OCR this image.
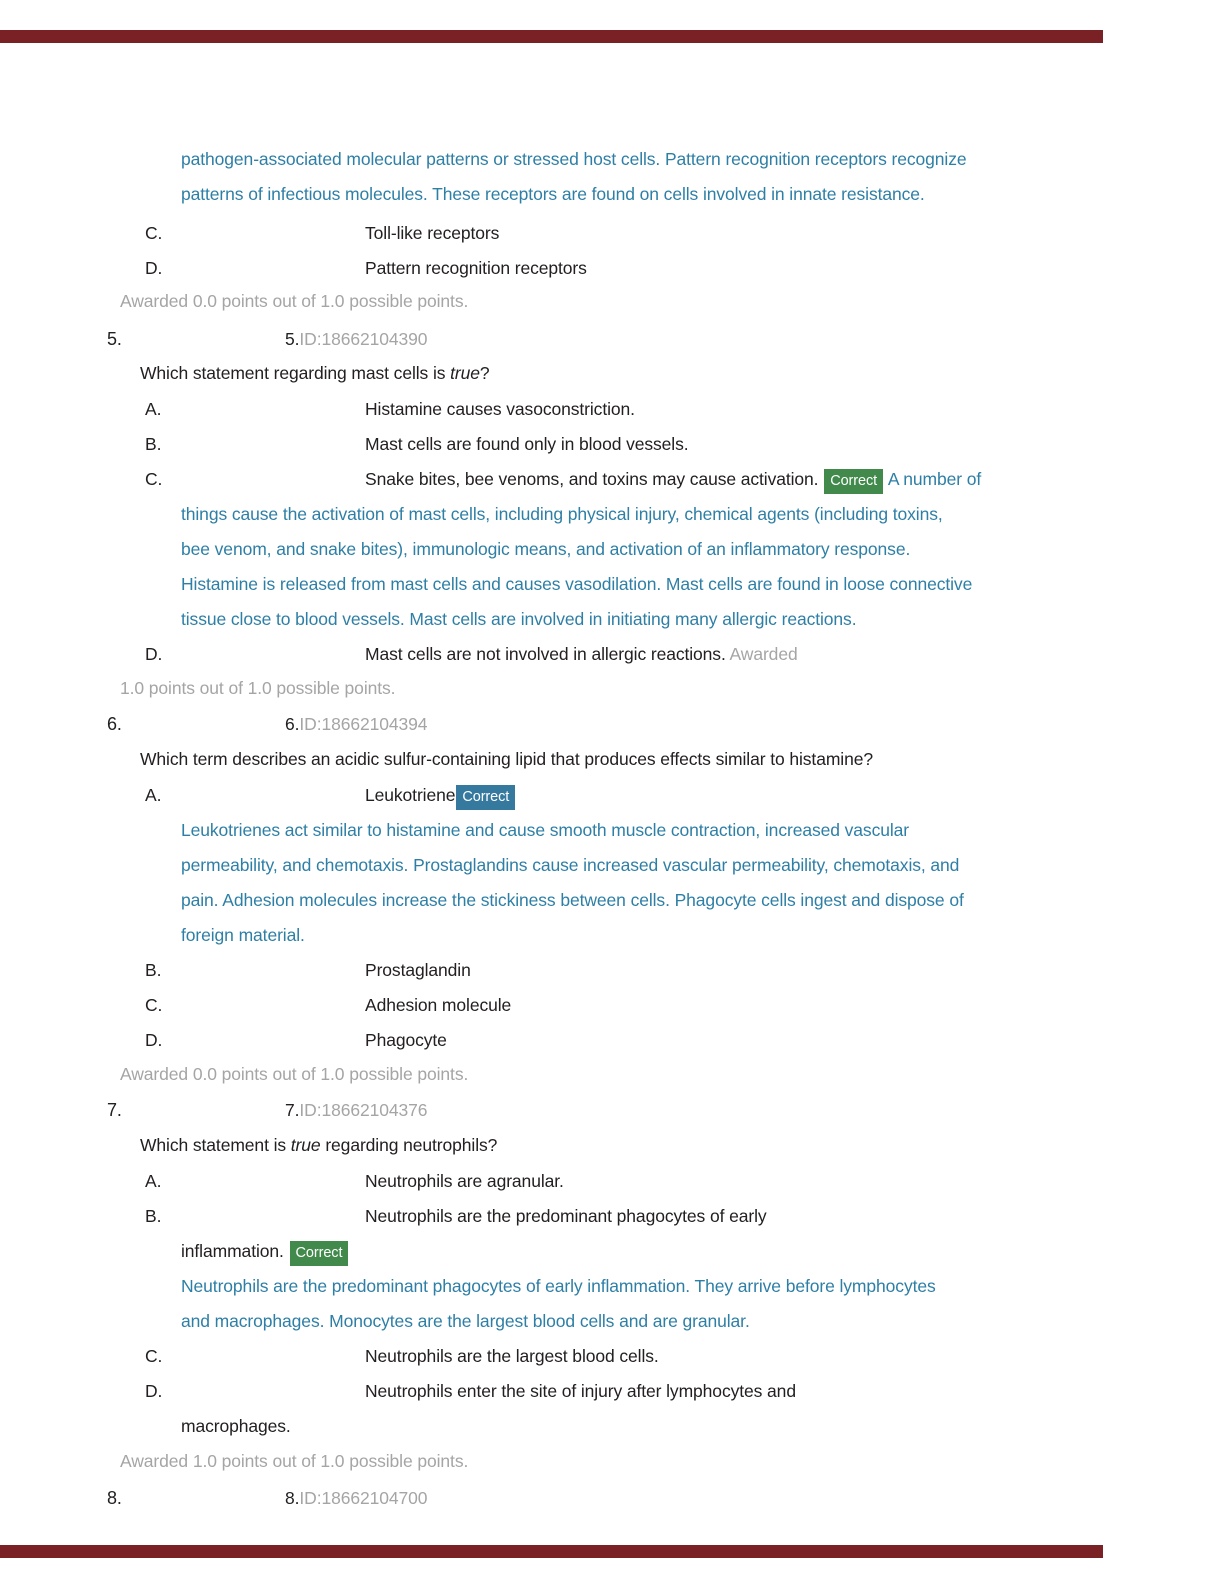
pathogen-associated molecular patterns or stressed host cells. Pattern recognition receptors recognize
patterns of infectious molecules. These receptors are found on cells involved in innate resistance.
C.	Toll-like receptors
D.	Pattern recognition receptors
Awarded 0.0 points out of 1.0 possible points.
5.	5.ID:18662104390
Which statement regarding mast cells is true?
A.	Histamine causes vasoconstriction.
B.	Mast cells are found only in blood vessels.
C.	Snake bites, bee venoms, and toxins may cause activation. Correct A number of
things cause the activation of mast cells, including physical injury, chemical agents (including toxins,
bee venom, and snake bites), immunologic means, and activation of an inflammatory response.
Histamine is released from mast cells and causes vasodilation. Mast cells are found in loose connective
tissue close to blood vessels. Mast cells are involved in initiating many allergic reactions.
D.	Mast cells are not involved in allergic reactions. Awarded
1.0 points out of 1.0 possible points.
6.	6.ID:18662104394
Which term describes an acidic sulfur-containing lipid that produces effects similar to histamine?
A.	Leukotriene Correct
Leukotrienes act similar to histamine and cause smooth muscle contraction, increased vascular
permeability, and chemotaxis. Prostaglandins cause increased vascular permeability, chemotaxis, and
pain. Adhesion molecules increase the stickiness between cells. Phagocyte cells ingest and dispose of
foreign material.
B.	Prostaglandin
C.	Adhesion molecule
D.	Phagocyte
Awarded 0.0 points out of 1.0 possible points.
7.	7.ID:18662104376
Which statement is true regarding neutrophils?
A.	Neutrophils are agranular.
B.	Neutrophils are the predominant phagocytes of early
inflammation. Correct
Neutrophils are the predominant phagocytes of early inflammation. They arrive before lymphocytes
and macrophages. Monocytes are the largest blood cells and are granular.
C.	Neutrophils are the largest blood cells.
D.	Neutrophils enter the site of injury after lymphocytes and
macrophages.
Awarded 1.0 points out of 1.0 possible points.
8.	8.ID:18662104700
